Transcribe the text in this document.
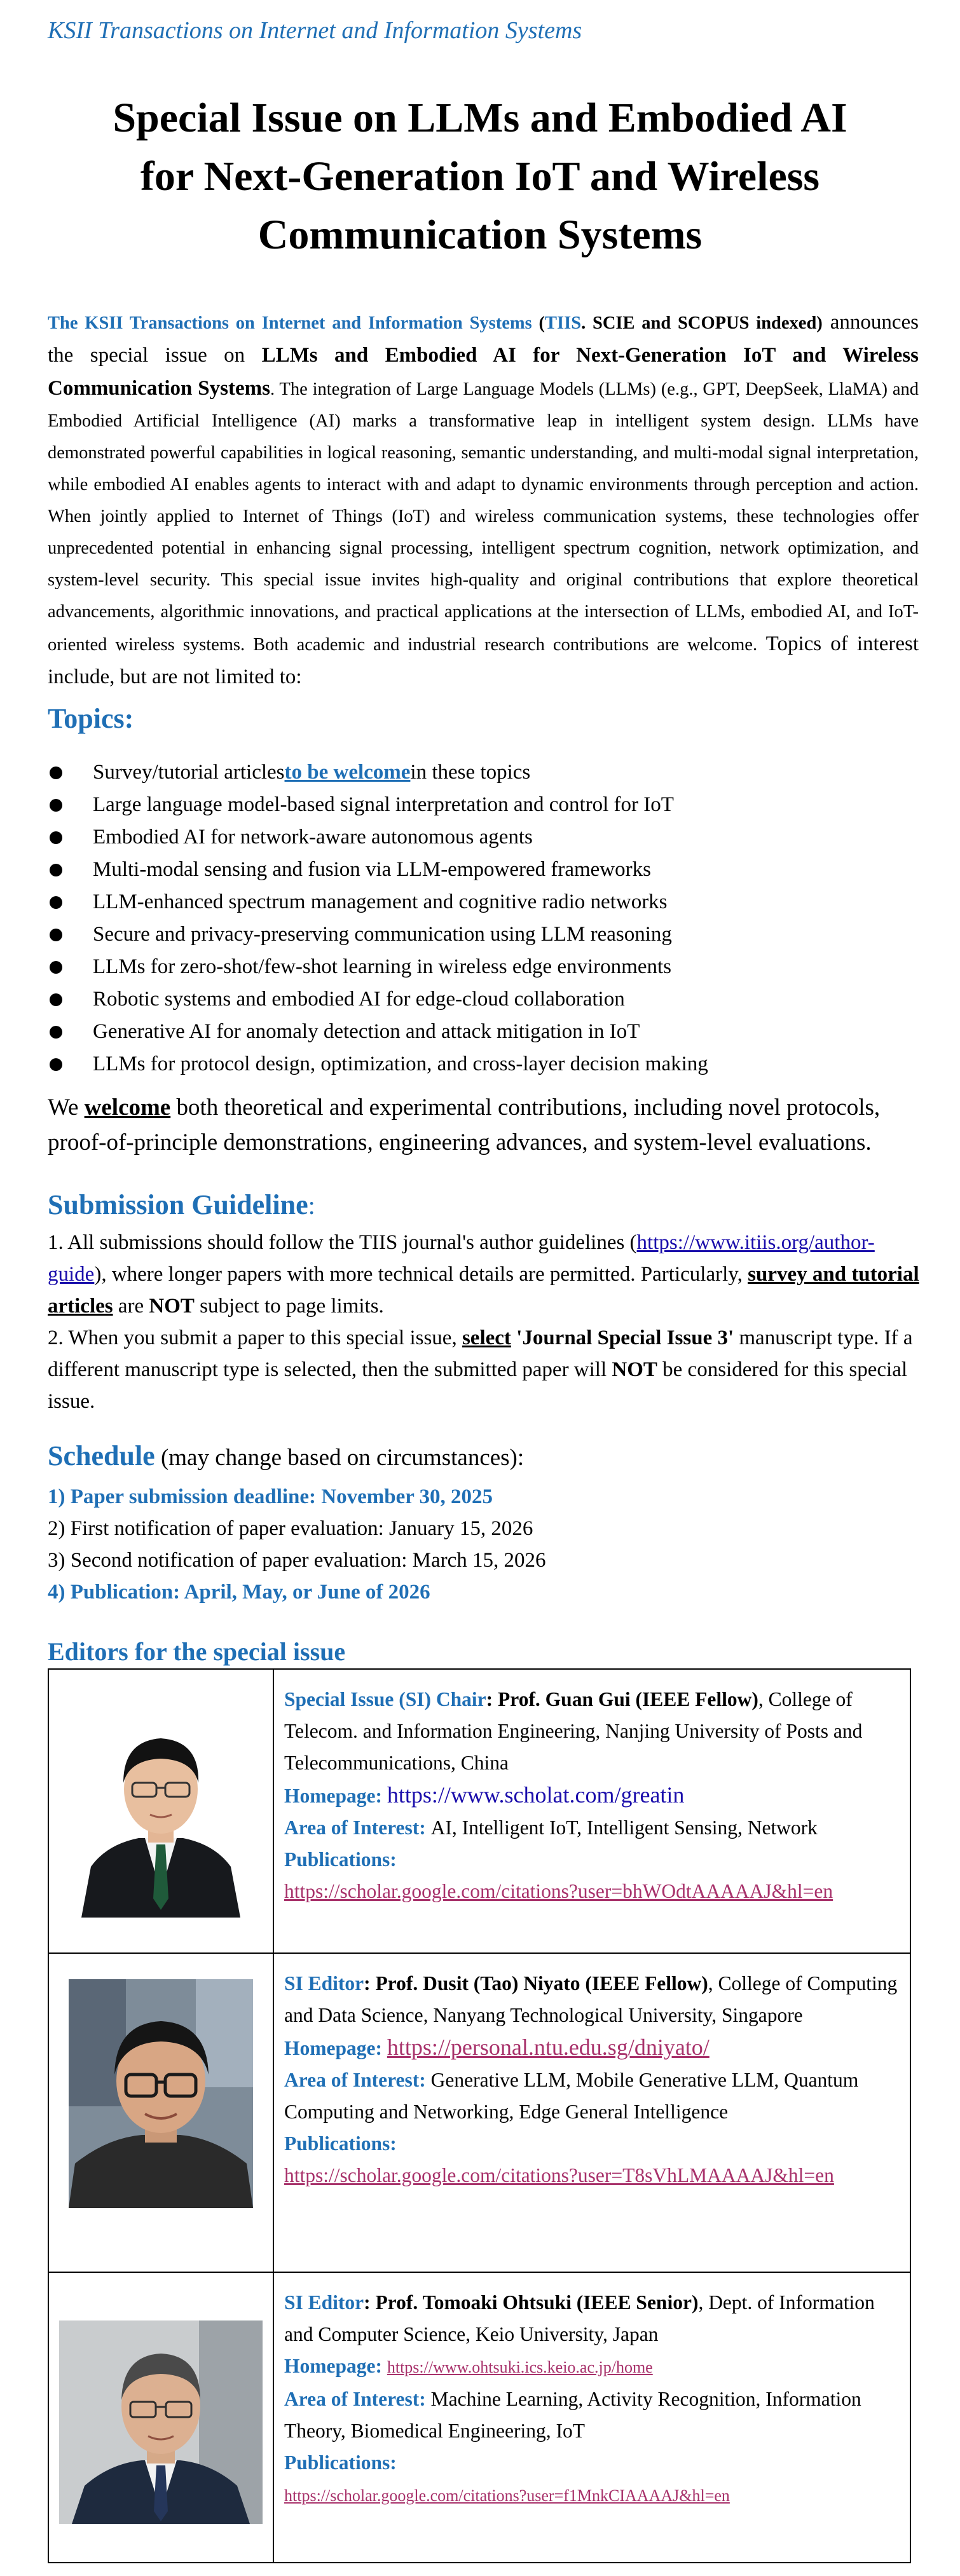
KSII Transactions on Internet and Information Systems
Special Issue on LLMs and Embodied AI
for Next-Generation IoT and Wireless
Communication Systems
The KSII Transactions on Internet and Information Systems (TIIS. SCIE and SCOPUS indexed) announces the special issue on LLMs and Embodied AI for Next-Generation IoT and Wireless Communication Systems. The integration of Large Language Models (LLMs) (e.g., GPT, DeepSeek, LlaMA) and Embodied Artificial Intelligence (AI) marks a transformative leap in intelligent system design. LLMs have demonstrated powerful capabilities in logical reasoning, semantic understanding, and multi-modal signal interpretation, while embodied AI enables agents to interact with and adapt to dynamic environments through perception and action. When jointly applied to Internet of Things (IoT) and wireless communication systems, these technologies offer unprecedented potential in enhancing signal processing, intelligent spectrum cognition, network optimization, and system-level security. This special issue invites high-quality and original contributions that explore theoretical advancements, algorithmic innovations, and practical applications at the intersection of LLMs, embodied AI, and IoT-oriented wireless systems. Both academic and industrial research contributions are welcome. Topics of interest include, but are not limited to:
Topics:
Survey/tutorial articles to be welcome in these topics
Large language model-based signal interpretation and control for IoT
Embodied AI for network-aware autonomous agents
Multi-modal sensing and fusion via LLM-empowered frameworks
LLM-enhanced spectrum management and cognitive radio networks
Secure and privacy-preserving communication using LLM reasoning
LLMs for zero-shot/few-shot learning in wireless edge environments
Robotic systems and embodied AI for edge-cloud collaboration
Generative AI for anomaly detection and attack mitigation in IoT
LLMs for protocol design, optimization, and cross-layer decision making
We welcome both theoretical and experimental contributions, including novel protocols, proof-of-principle demonstrations, engineering advances, and system-level evaluations.
Submission Guideline:
1. All submissions should follow the TIIS journal's author guidelines (https://www.itiis.org/author-guide), where longer papers with more technical details are permitted. Particularly, survey and tutorial articles are NOT subject to page limits.
2. When you submit a paper to this special issue, select 'Journal Special Issue 3' manuscript type. If a different manuscript type is selected, then the submitted paper will NOT be considered for this special issue.
Schedule (may change based on circumstances):
1) Paper submission deadline: November 30, 2025
2) First notification of paper evaluation: January 15, 2026
3) Second notification of paper evaluation: March 15, 2026
4) Publication: April, May, or June of 2026
Editors for the special issue
	Special Issue (SI) Chair: Prof. Guan Gui (IEEE Fellow), College of Telecom. and Information Engineering, Nanjing University of Posts and Telecommunications, China
Homepage: https://www.scholat.com/greatin
Area of Interest: AI, Intelligent IoT, Intelligent Sensing, Network
Publications:
https://scholar.google.com/citations?user=bhWOdtAAAAAJ&hl=en

	SI Editor: Prof. Dusit (Tao) Niyato (IEEE Fellow), College of Computing and Data Science, Nanyang Technological University, Singapore
Homepage: https://personal.ntu.edu.sg/dniyato/
Area of Interest: Generative LLM, Mobile Generative LLM, Quantum Computing and Networking, Edge General Intelligence
Publications:
https://scholar.google.com/citations?user=T8sVhLMAAAAJ&hl=en

	SI Editor: Prof. Tomoaki Ohtsuki (IEEE Senior), Dept. of Information and Computer Science, Keio University, Japan
Homepage: https://www.ohtsuki.ics.keio.ac.jp/home
Area of Interest: Machine Learning, Activity Recognition, Information Theory, Biomedical Engineering, IoT
Publications:
https://scholar.google.com/citations?user=f1MnkCIAAAAJ&hl=en
